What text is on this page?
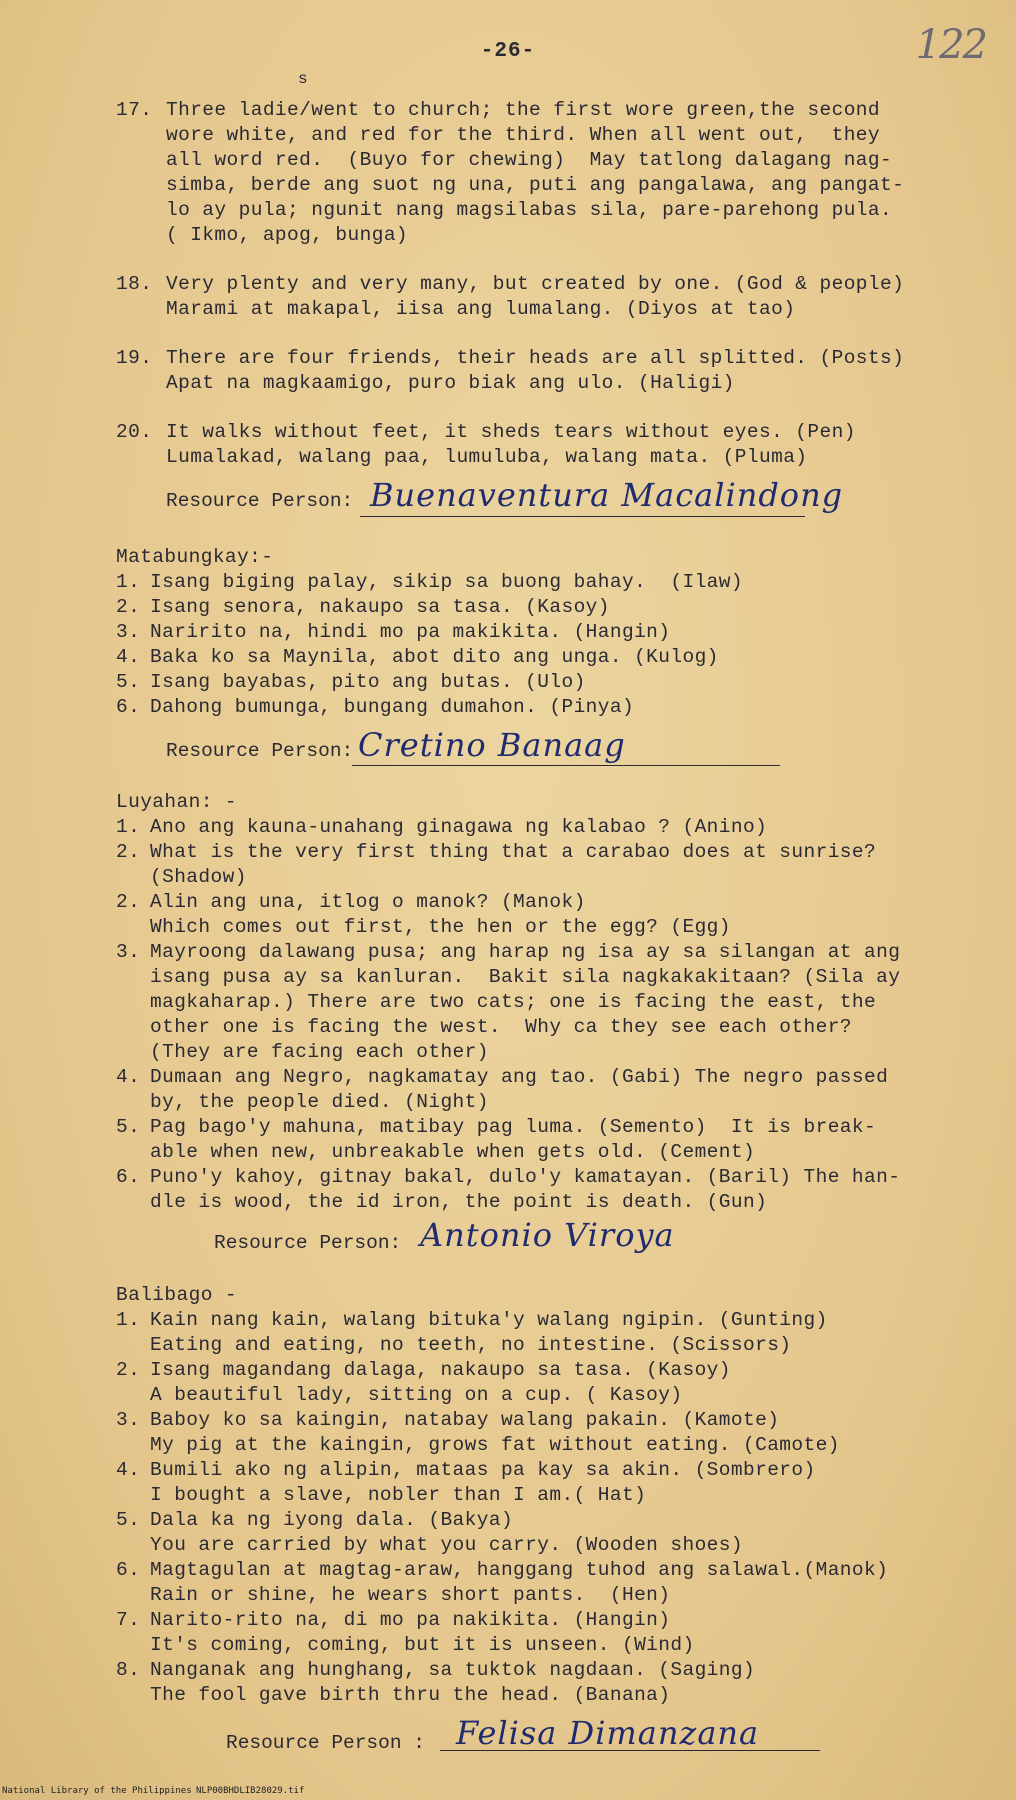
122
-26-
s
17. Three ladie/went to church; the first wore green,the second
wore white, and red for the third. When all went out,  they
all word red.  (Buyo for chewing)  May tatlong dalagang nag-
simba, berde ang suot ng una, puti ang pangalawa, ang pangat-
lo ay pula; ngunit nang magsilabas sila, pare-parehong pula.
( Ikmo, apog, bunga)
18. Very plenty and very many, but created by one. (God & people)
Marami at makapal, iisa ang lumalang. (Diyos at tao)
19. There are four friends, their heads are all splitted. (Posts)
Apat na magkaamigo, puro biak ang ulo. (Haligi)
20. It walks without feet, it sheds tears without eyes. (Pen)
Lumalakad, walang paa, lumuluba, walang mata. (Pluma)
Resource Person: Buenaventura Macalindong
Matabungkay:-
1. Isang biging palay, sikip sa buong bahay.  (Ilaw)
2. Isang senora, nakaupo sa tasa. (Kasoy)
3. Naririto na, hindi mo pa makikita. (Hangin)
4. Baka ko sa Maynila, abot dito ang unga. (Kulog)
5. Isang bayabas, pito ang butas. (Ulo)
6. Dahong bumunga, bungang dumahon. (Pinya)
Resource Person: Cretino Banaag
Luyahan: -
1. Ano ang kauna-unahang ginagawa ng kalabao ? (Anino)
2. What is the very first thing that a carabao does at sunrise?
(Shadow)
2. Alin ang una, itlog o manok? (Manok)
Which comes out first, the hen or the egg? (Egg)
3. Mayroong dalawang pusa; ang harap ng isa ay sa silangan at ang
isang pusa ay sa kanluran.  Bakit sila nagkakakitaan? (Sila ay
magkaharap.) There are two cats; one is facing the east, the
other one is facing the west.  Why ca they see each other?
(They are facing each other)
4. Dumaan ang Negro, nagkamatay ang tao. (Gabi) The negro passed
by, the people died. (Night)
5. Pag bago'y mahuna, matibay pag luma. (Semento)  It is break-
able when new, unbreakable when gets old. (Cement)
6. Puno'y kahoy, gitnay bakal, dulo'y kamatayan. (Baril) The han-
dle is wood, the id iron, the point is death. (Gun)
Resource Person: Antonio Viroya
Balibago -
1. Kain nang kain, walang bituka'y walang ngipin. (Gunting)
Eating and eating, no teeth, no intestine. (Scissors)
2. Isang magandang dalaga, nakaupo sa tasa. (Kasoy)
A beautiful lady, sitting on a cup. ( Kasoy)
3. Baboy ko sa kaingin, natabay walang pakain. (Kamote)
My pig at the kaingin, grows fat without eating. (Camote)
4. Bumili ako ng alipin, mataas pa kay sa akin. (Sombrero)
I bought a slave, nobler than I am.( Hat)
5. Dala ka ng iyong dala. (Bakya)
You are carried by what you carry. (Wooden shoes)
6. Magtagulan at magtag-araw, hanggang tuhod ang salawal.(Manok)
Rain or shine, he wears short pants.  (Hen)
7. Narito-rito na, di mo pa nakikita. (Hangin)
It's coming, coming, but it is unseen. (Wind)
8. Nanganak ang hunghang, sa tuktok nagdaan. (Saging)
The fool gave birth thru the head. (Banana)
Resource Person : Felisa Dimanzana
National Library of the Philippines NLP00BHDLIB28029.tif
